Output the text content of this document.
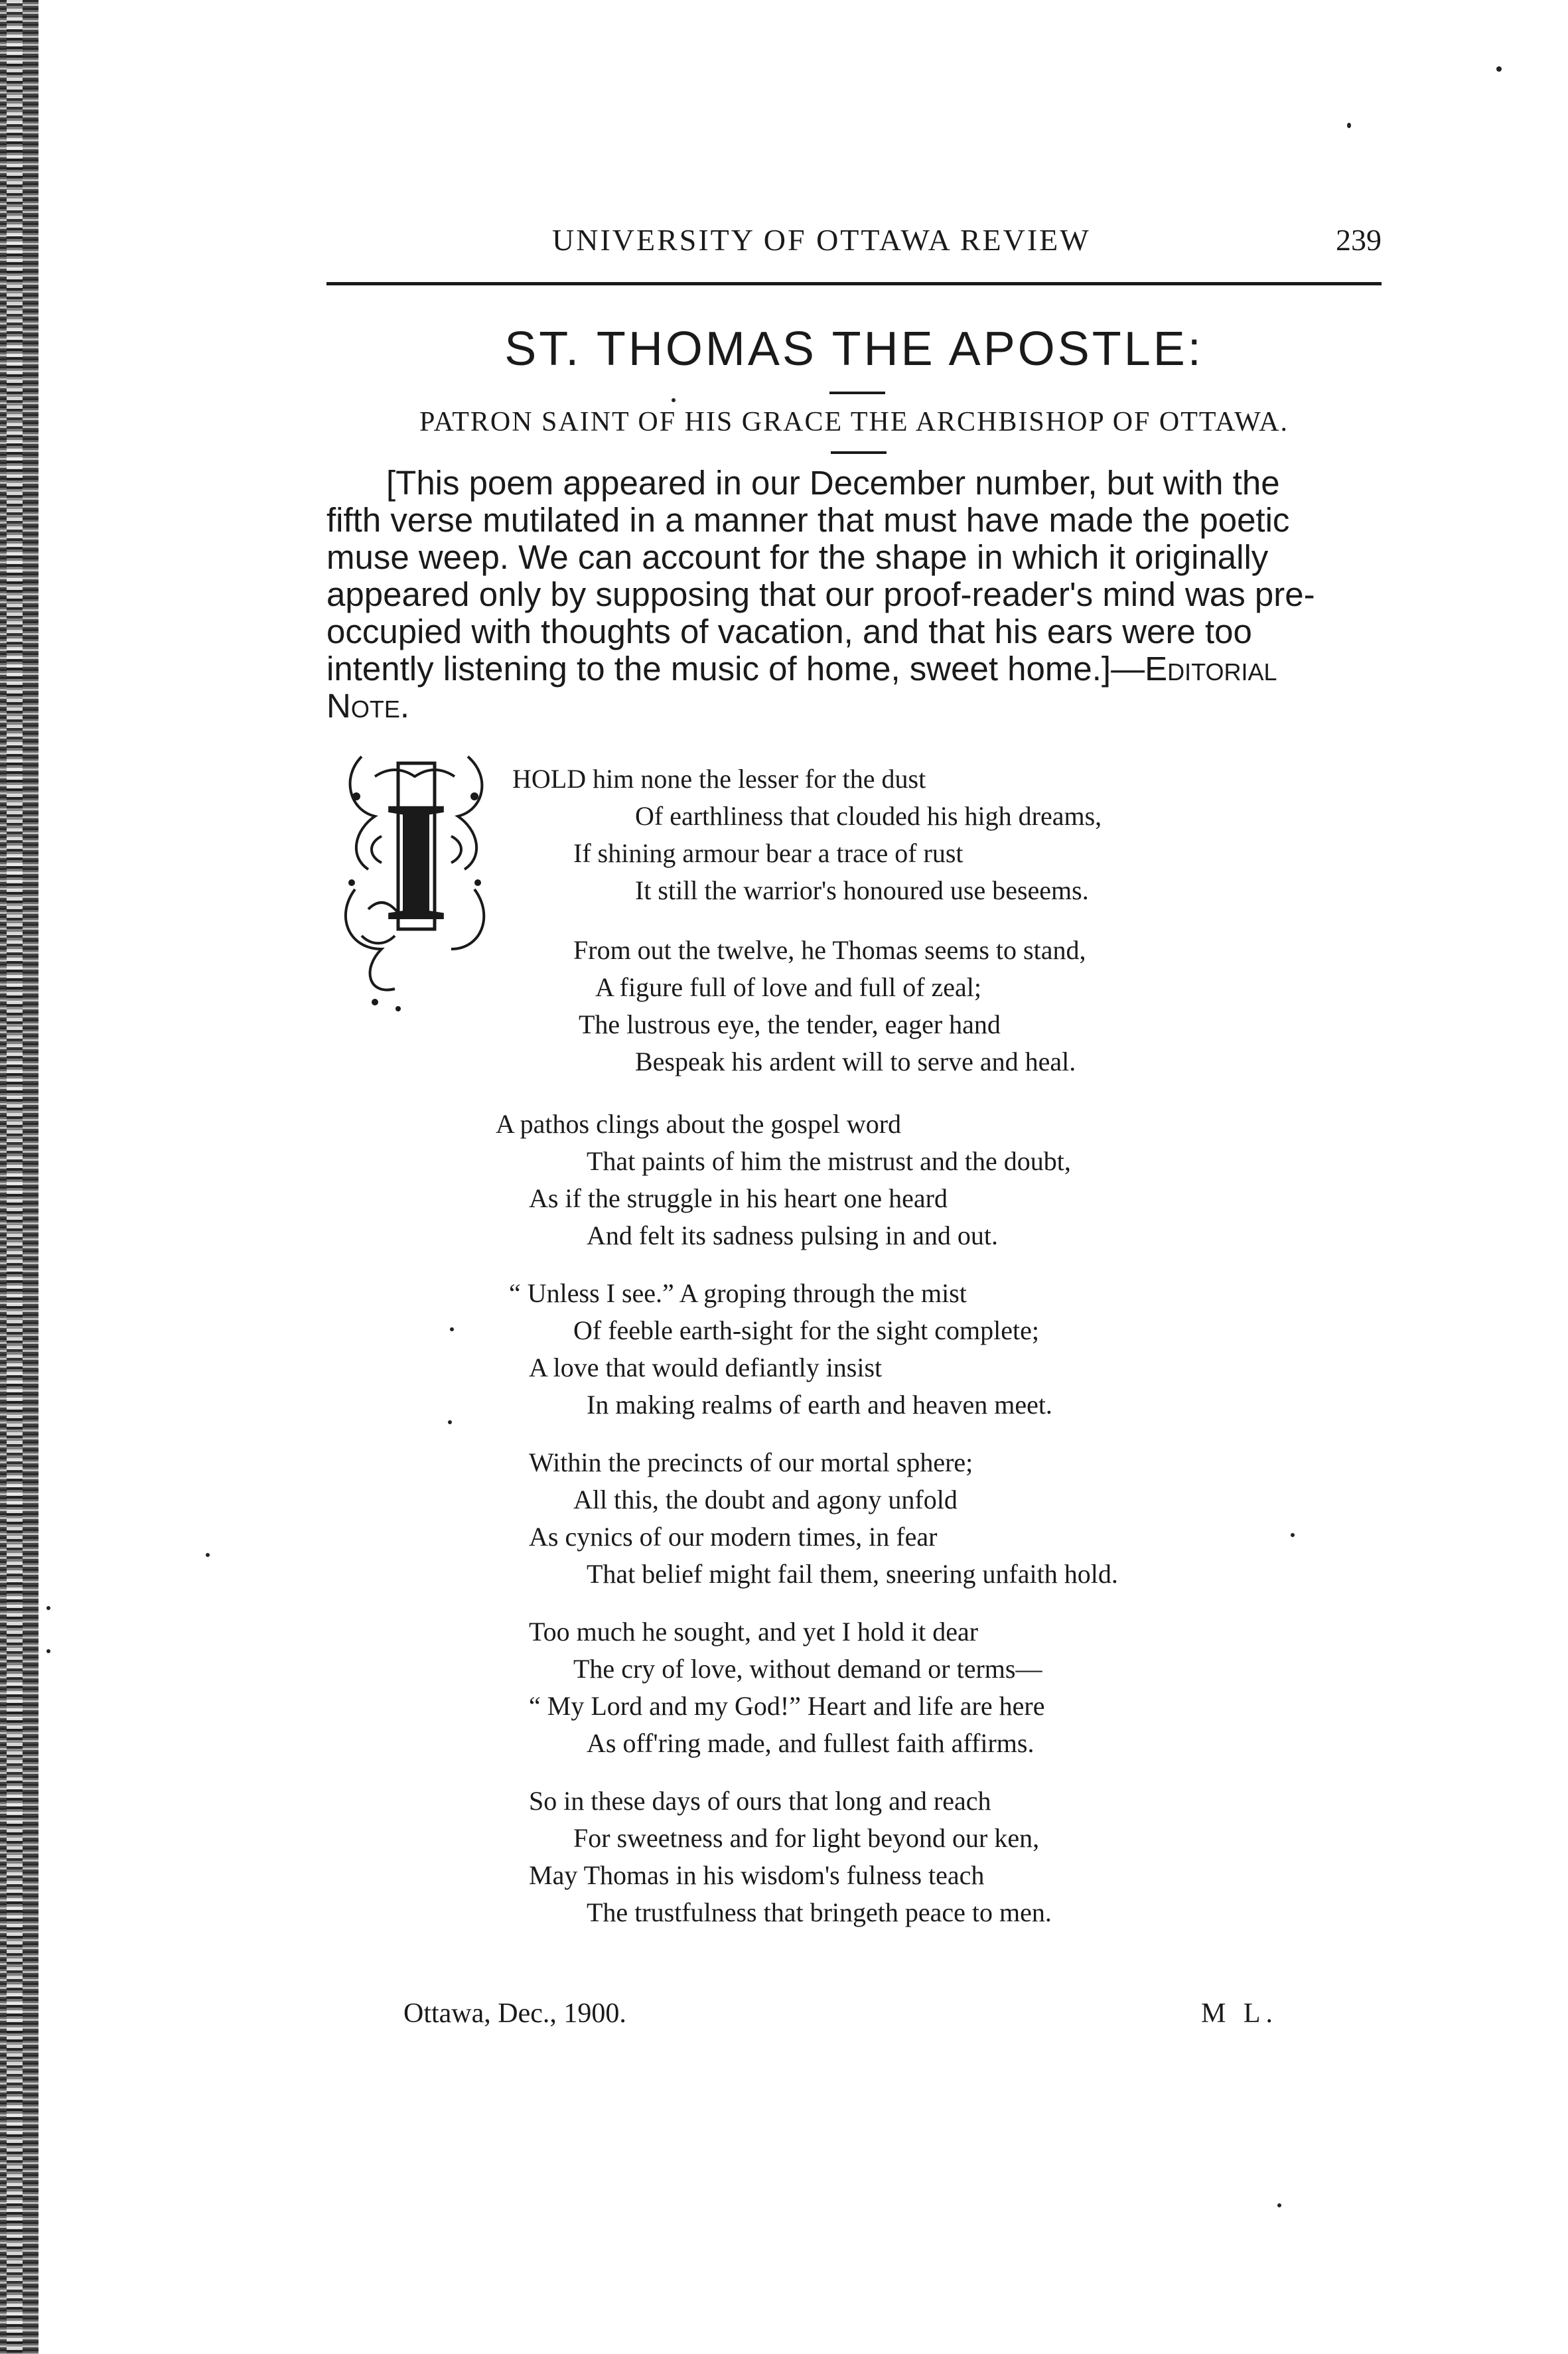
UNIVERSITY OF OTTAWA REVIEW	239
ST. THOMAS THE APOSTLE:
PATRON SAINT OF HIS GRACE THE ARCHBISHOP OF OTTAWA.
[This poem appeared in our December number, but with the
fifth verse mutilated in a manner that must have made the poetic
muse weep. We can account for the shape in which it originally
appeared only by supposing that our proof-reader's mind was pre-
occupied with thoughts of vacation, and that his ears were too
intently listening to the music of home, sweet home.]—Editorial
Note.
I HOLD him none the lesser for the dust
Of earthliness that clouded his high dreams,
If shining armour bear a trace of rust
It still the warrior's honoured use beseems.
From out the twelve, he Thomas seems to stand,
A figure full of love and full of zeal;
The lustrous eye, the tender, eager hand
Bespeak his ardent will to serve and heal.
A pathos clings about the gospel word
That paints of him the mistrust and the doubt,
As if the struggle in his heart one heard
And felt its sadness pulsing in and out.
“ Unless I see.” A groping through the mist
Of feeble earth-sight for the sight complete;
A love that would defiantly insist
In making realms of earth and heaven meet.
Within the precincts of our mortal sphere;
All this, the doubt and agony unfold
As cynics of our modern times, in fear
That belief might fail them, sneering unfaith hold.
Too much he sought, and yet I hold it dear
The cry of love, without demand or terms—
“ My Lord and my God!” Heart and life are here
As off'ring made, and fullest faith affirms.
So in these days of ours that long and reach
For sweetness and for light beyond our ken,
May Thomas in his wisdom's fulness teach
The trustfulness that bringeth peace to men.
Ottawa, Dec., 1900.	M L.
